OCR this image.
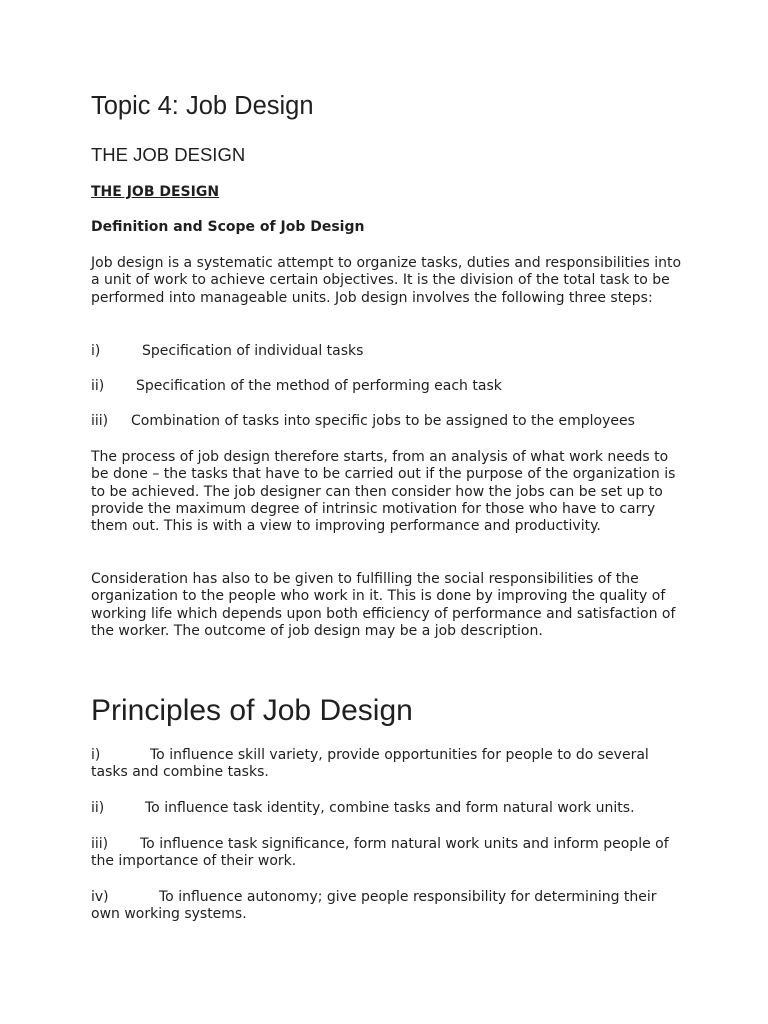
Topic 4: Job Design
THE JOB DESIGN
THE JOB DESIGN
Definition and Scope of Job Design

Job design is a systematic attempt to organize tasks, duties and responsibilities into a unit of work to achieve certain objectives. It is the division of the total task to be performed into manageable units. Job design involves the following three steps:

i)	Specification of individual tasks
ii) Specification of the method of performing each task
iii) Combination of tasks into specific jobs to be assigned to the employees

The process of job design therefore starts, from an analysis of what work needs to be done – the tasks that have to be carried out if the purpose of the organization is to be achieved. The job designer can then consider how the jobs can be set up to provide the maximum degree of intrinsic motivation for those who have to carry them out. This is with a view to improving performance and productivity.

Consideration has also to be given to fulfilling the social responsibilities of the organization to the people who work in it. This is done by improving the quality of working life which depends upon both efficiency of performance and satisfaction of the worker. The outcome of job design may be a job description.

Principles of Job Design
i)	To influence skill variety, provide opportunities for people to do several tasks and combine tasks.
ii)	To influence task identity, combine tasks and form natural work units.
iii) To influence task significance, form natural work units and inform people of the importance of their work.
iv)	To influence autonomy; give people responsibility for determining their own working systems.
